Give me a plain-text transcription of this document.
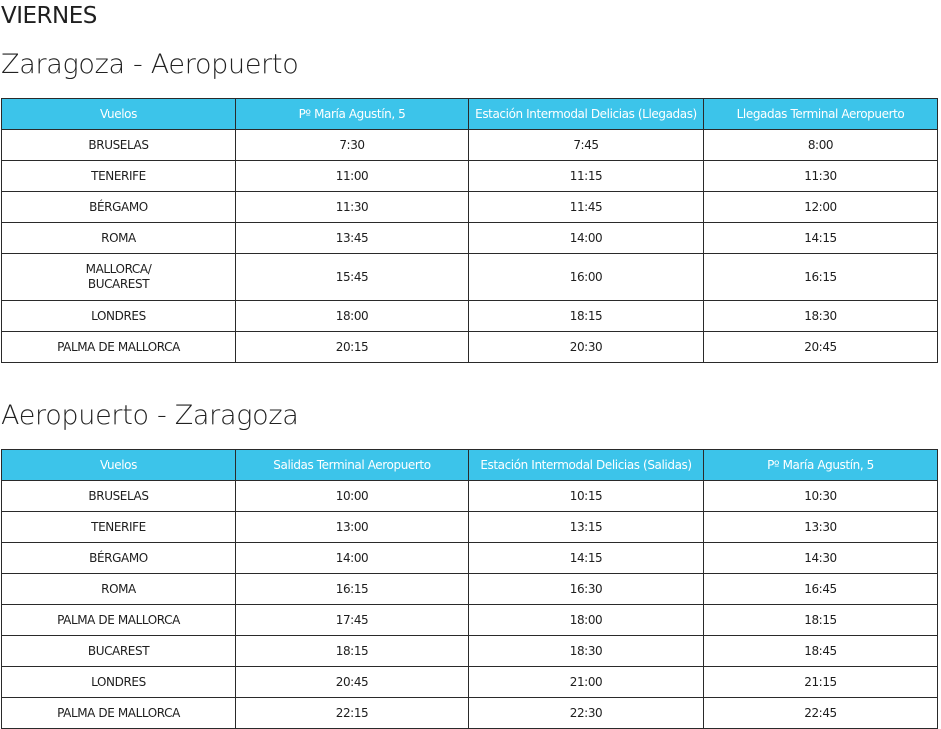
VIERNES
Zaragoza - Aeropuerto
Vuelos	Pº María Agustín, 5	Estación Intermodal Delicias (Llegadas)	Llegadas Terminal Aeropuerto
BRUSELAS	7:30	7:45	8:00
TENERIFE	11:00	11:15	11:30
BÉRGAMO	11:30	11:45	12:00
ROMA	13:45	14:00	14:15
MALLORCA/
BUCAREST	15:45	16:00	16:15
LONDRES	18:00	18:15	18:30
PALMA DE MALLORCA	20:15	20:30	20:45
Aeropuerto - Zaragoza
Vuelos	Salidas Terminal Aeropuerto	Estación Intermodal Delicias (Salidas)	Pº María Agustín, 5
BRUSELAS	10:00	10:15	10:30
TENERIFE	13:00	13:15	13:30
BÉRGAMO	14:00	14:15	14:30
ROMA	16:15	16:30	16:45
PALMA DE MALLORCA	17:45	18:00	18:15
BUCAREST	18:15	18:30	18:45
LONDRES	20:45	21:00	21:15
PALMA DE MALLORCA	22:15	22:30	22:45
